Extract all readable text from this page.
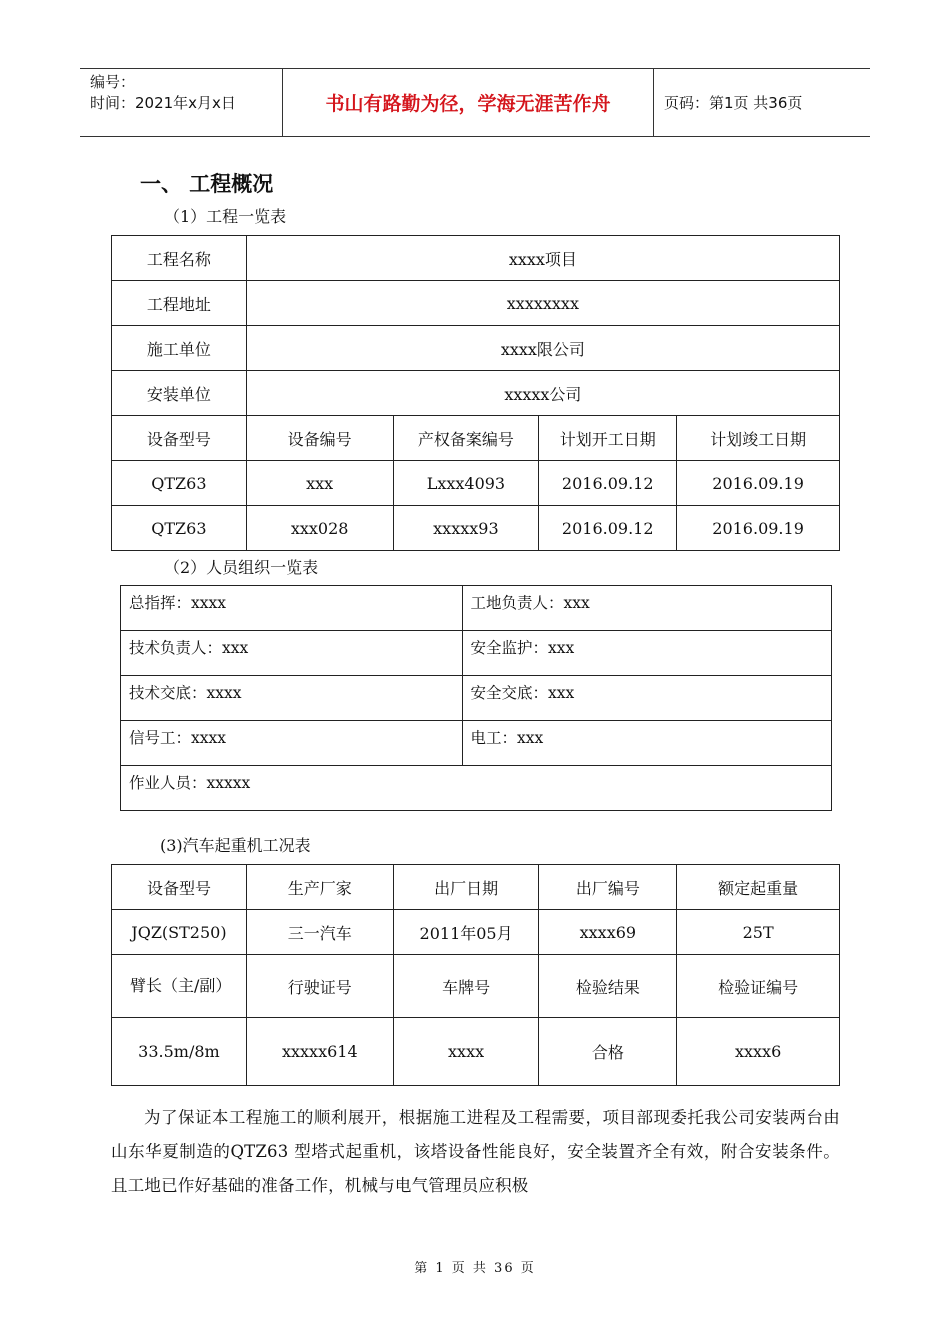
编号：
时间：2021年x月x日	书山有路勤为径，学海无涯苦作舟	页码：第1页 共36页
一、 工程概况
（1）工程一览表
工程名称	xxxx项目			
工程地址	xxxxxxxx			
施工单位	xxxx限公司			
安装单位	xxxxx公司			
设备型号	设备编号	产权备案编号	计划开工日期	计划竣工日期
QTZ63	xxx	Lxxx4093	2016.09.12	2016.09.19
QTZ63	xxx028	xxxxx93	2016.09.12	2016.09.19
（2）人员组织一览表
总指挥：xxxx	工地负责人：xxx
技术负责人：xxx	安全监护：xxx
技术交底：xxxx	安全交底：xxx
信号工：xxxx	电工：xxx
作业人员：xxxxx	
(3)汽车起重机工况表
设备型号	生产厂家	出厂日期	出厂编号	额定起重量
JQZ(ST250)	三一汽车	2011年05月	xxxx69	25T
臂长（主/副）	行驶证号	车牌号	检验结果	检验证编号
33.5m/8m	xxxxx614	xxxx	合格	xxxx6
为了保证本工程施工的顺利展开，根据施工进程及工程需要，项目部现委托我公司安装两台由山东华夏制造的QTZ63 型塔式起重机，该塔设备性能良好，安全装置齐全有效，附合安装条件。且工地已作好基础的准备工作，机械与电气管理员应积极
第 1 页 共 36 页
